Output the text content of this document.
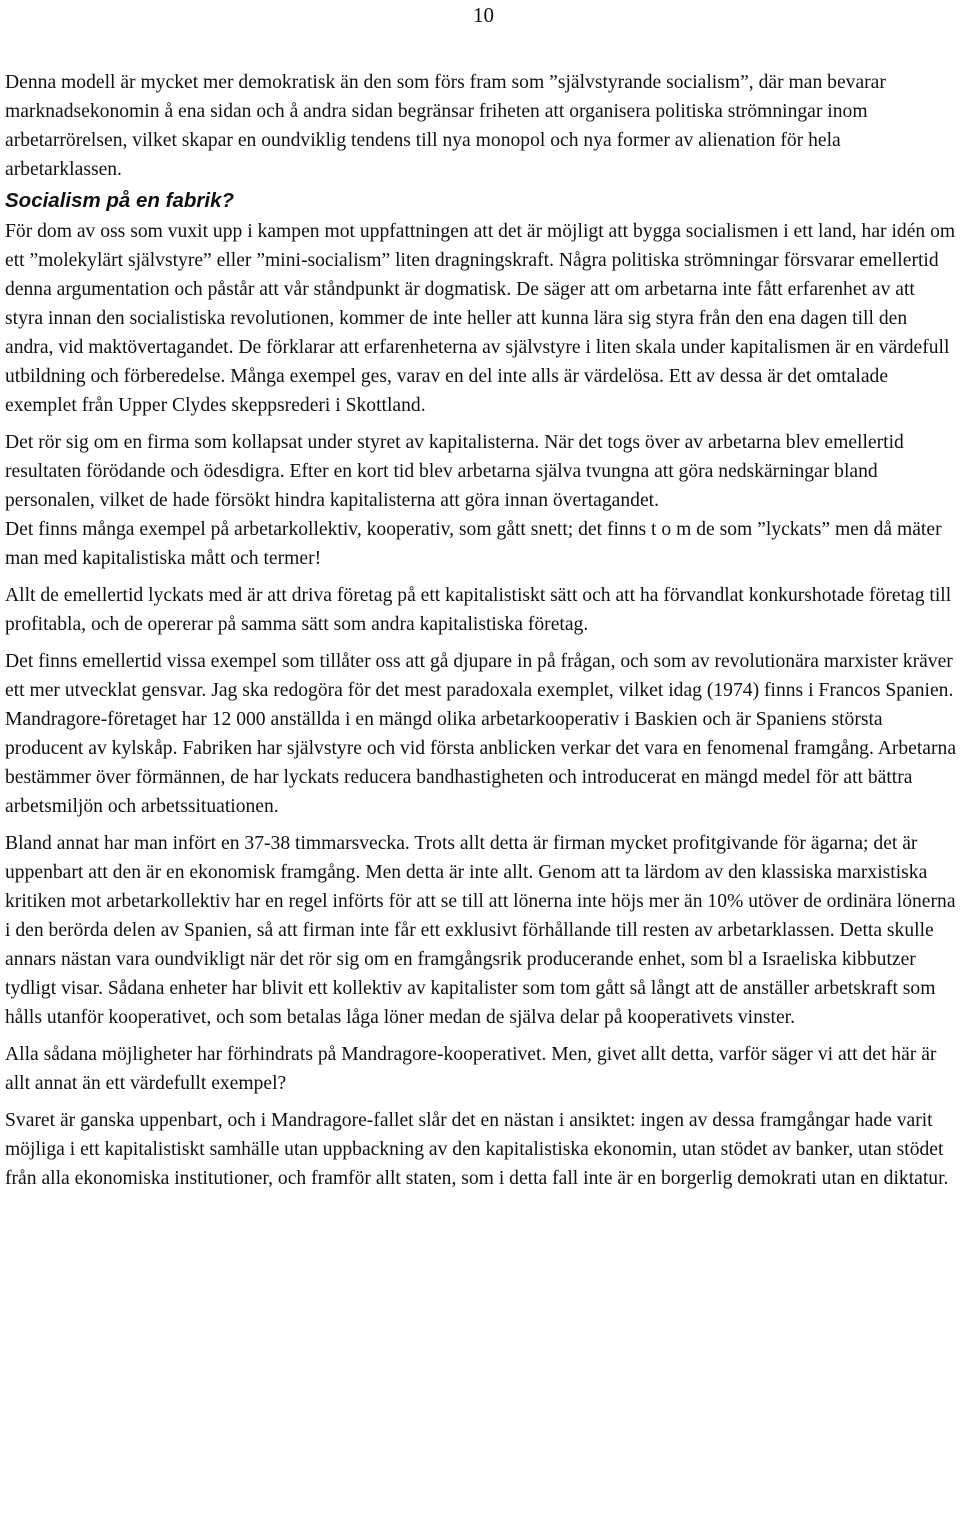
10

Denna modell är mycket mer demokratisk än den som förs fram som ”självstyrande socialism”, där man bevarar marknadsekonomin å ena sidan och å andra sidan begränsar friheten att organisera politiska strömningar inom arbetarrörelsen, vilket skapar en oundviklig tendens till nya monopol och nya former av alienation för hela arbetarklassen.

Socialism på en fabrik?

För dom av oss som vuxit upp i kampen mot uppfattningen att det är möjligt att bygga socialismen i ett land, har idén om ett ”molekylärt självstyre” eller ”mini-socialism” liten dragningskraft. Några politiska strömningar försvarar emellertid denna argumentation och påstår att vår ståndpunkt är dogmatisk. De säger att om arbetarna inte fått erfarenhet av att styra innan den socialistiska revolutionen, kommer de inte heller att kunna lära sig styra från den ena dagen till den andra, vid maktövertagandet. De förklarar att erfarenheterna av självstyre i liten skala under kapitalismen är en värdefull utbildning och förberedelse. Många exempel ges, varav en del inte alls är värdelösa. Ett av dessa är det omtalade exemplet från Upper Clydes skeppsrederi i Skottland.

Det rör sig om en firma som kollapsat under styret av kapitalisterna. När det togs över av arbetarna blev emellertid resultaten förödande och ödesdigra. Efter en kort tid blev arbetarna själva tvungna att göra nedskärningar bland personalen, vilket de hade försökt hindra kapitalisterna att göra innan övertagandet.

Det finns många exempel på arbetarkollektiv, kooperativ, som gått snett; det finns t o m de som ”lyckats” men då mäter man med kapitalistiska mått och termer!

Allt de emellertid lyckats med är att driva företag på ett kapitalistiskt sätt och att ha förvandlat konkurshotade företag till profitabla, och de opererar på samma sätt som andra kapitalistiska företag.

Det finns emellertid vissa exempel som tillåter oss att gå djupare in på frågan, och som av revolutionära marxister kräver ett mer utvecklat gensvar. Jag ska redogöra för det mest paradoxala exemplet, vilket idag (1974) finns i Francos Spanien.

Mandragore-företaget har 12 000 anställda i en mängd olika arbetarkooperativ i Baskien och är Spaniens största producent av kylskåp. Fabriken har självstyre och vid första anblicken verkar det vara en fenomenal framgång. Arbetarna bestämmer över förmännen, de har lyckats reducera bandhastigheten och introducerat en mängd medel för att bättra arbetsmiljön och arbetssituationen.

Bland annat har man infört en 37-38 timmarsvecka. Trots allt detta är firman mycket profitgivande för ägarna; det är uppenbart att den är en ekonomisk framgång. Men detta är inte allt. Genom att ta lärdom av den klassiska marxistiska kritiken mot arbetarkollektiv har en regel införts för att se till att lönerna inte höjs mer än 10% utöver de ordinära lönerna i den berörda delen av Spanien, så att firman inte får ett exklusivt förhållande till resten av arbetarklassen. Detta skulle annars nästan vara oundvikligt när det rör sig om en framgångsrik producerande enhet, som bl a Israeliska kibbutzer tydligt visar. Sådana enheter har blivit ett kollektiv av kapitalister som tom gått så långt att de anställer arbetskraft som hålls utanför kooperativet, och som betalas låga löner medan de själva delar på kooperativets vinster.

Alla sådana möjligheter har förhindrats på Mandragore-kooperativet. Men, givet allt detta, varför säger vi att det här är allt annat än ett värdefullt exempel?

Svaret är ganska uppenbart, och i Mandragore-fallet slår det en nästan i ansiktet: ingen av dessa framgångar hade varit möjliga i ett kapitalistiskt samhälle utan uppbackning av den kapitalistiska ekonomin, utan stödet av banker, utan stödet från alla ekonomiska institutioner, och framför allt staten, som i detta fall inte är en borgerlig demokrati utan en diktatur.
